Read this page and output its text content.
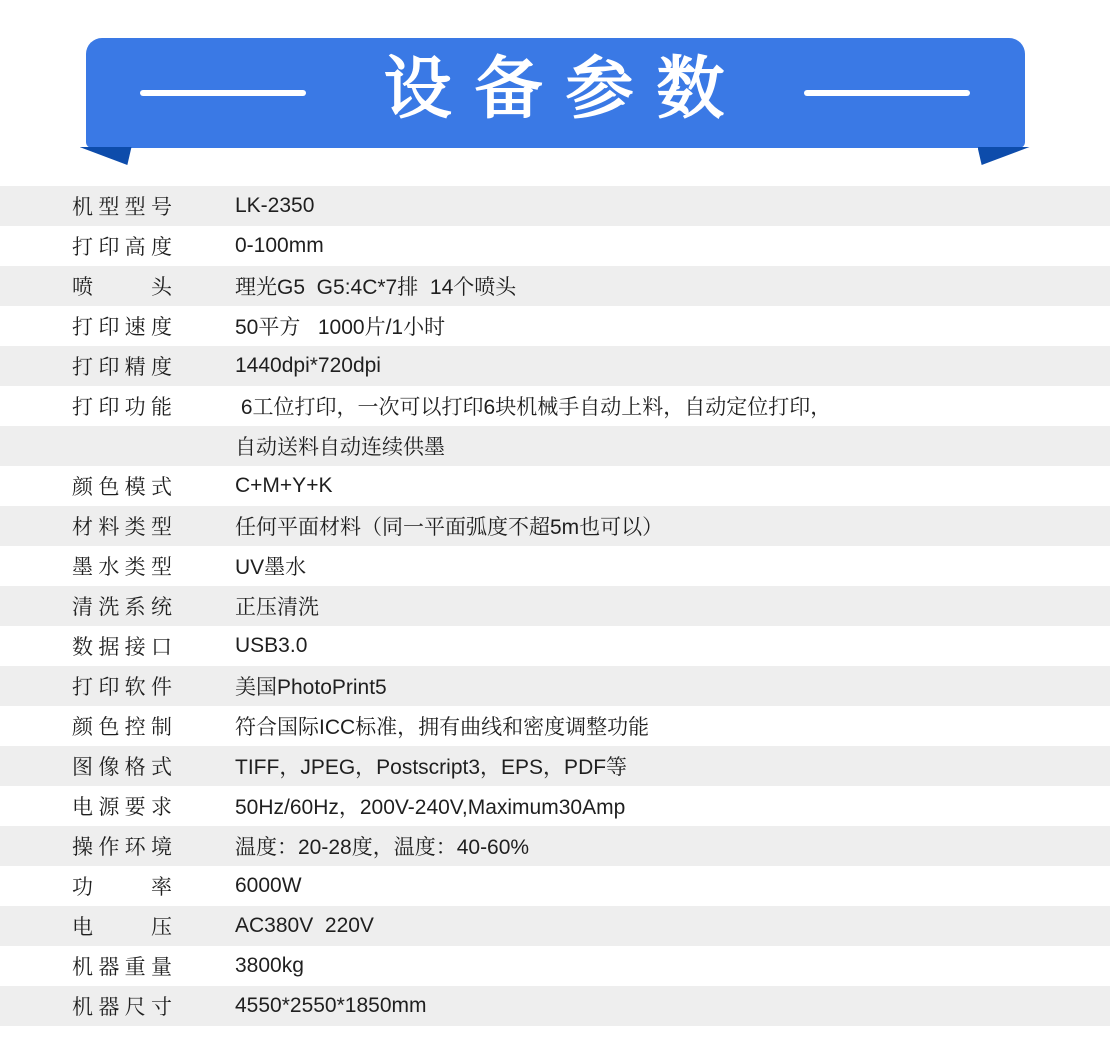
设 备 参 数
机型型号	LK-2350
打印高度	0-100mm
喷头	理光G5  G5:4C*7排  14个喷头
打印速度	50平方   1000片/1小时
打印精度	1440dpi*720dpi
打印功能	6工位打印，一次可以打印6块机械手自动上料，自动定位打印，
自动送料自动连续供墨
颜色模式	C+M+Y+K
材料类型	任何平面材料（同一平面弧度不超5m也可以）
墨水类型	UV墨水
清洗系统	正压清洗
数据接口	USB3.0
打印软件	美国PhotoPrint5
颜色控制	符合国际ICC标准，拥有曲线和密度调整功能
图像格式	TIFF，JPEG，Postscript3，EPS，PDF等
电源要求	50Hz/60Hz，200V-240V,Maximum30Amp
操作环境	温度：20-28度，温度：40-60%
功率	6000W
电压	AC380V  220V
机器重量	3800kg
机器尺寸	4550*2550*1850mm
